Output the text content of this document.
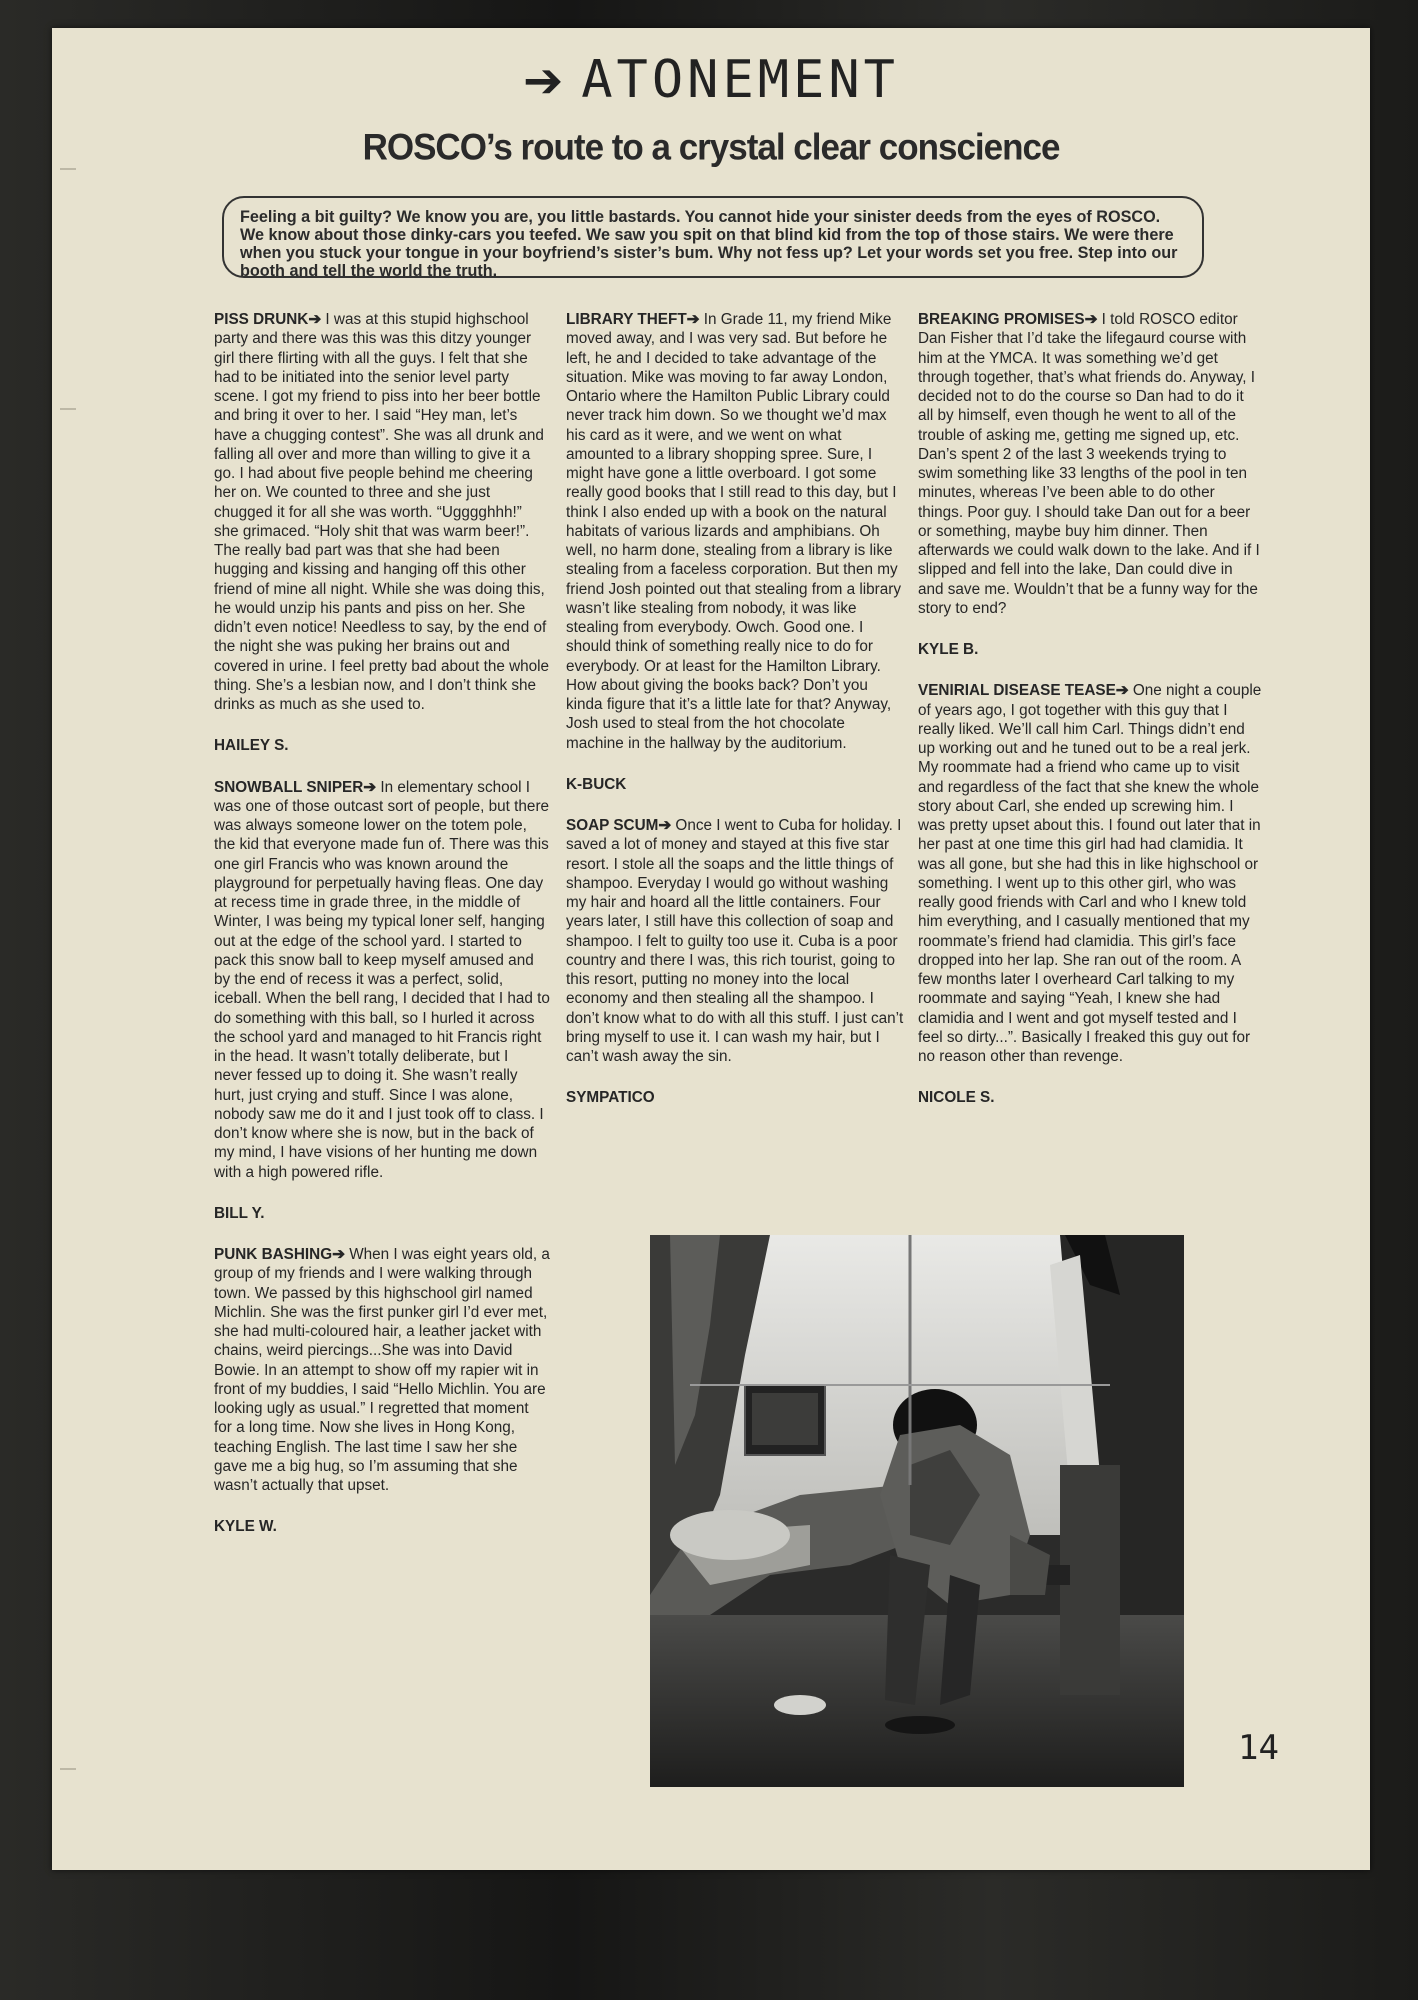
➔ ATONEMENT
ROSCO’s route to a crystal clear conscience
Feeling a bit guilty? We know you are, you little bastards. You cannot hide your sinister deeds from the eyes of ROSCO. We know about those dinky-cars you teefed. We saw you spit on that blind kid from the top of those stairs. We were there when you stuck your tongue in your boyfriend’s sister’s bum. Why not fess up? Let your words set you free. Step into our booth and tell the world the truth.

PISS DRUNK➔ I was at this stupid highschool party and there was this was this ditzy younger girl there flirting with all the guys. I felt that she had to be initiated into the senior level party scene. I got my friend to piss into her beer bottle and bring it over to her. I said “Hey man, let’s have a chugging contest”. She was all drunk and falling all over and more than willing to give it a go. I had about five people behind me cheering her on. We counted to three and she just chugged it for all she was worth. “Ugggghhh!” she grimaced. “Holy shit that was warm beer!”. The really bad part was that she had been hugging and kissing and hanging off this other friend of mine all night. While she was doing this, he would unzip his pants and piss on her. She didn’t even notice! Needless to say, by the end of the night she was puking her brains out and covered in urine. I feel pretty bad about the whole thing. She’s a lesbian now, and I don’t think she drinks as much as she used to.

HAILEY S.

SNOWBALL SNIPER➔ In elementary school I was one of those outcast sort of people, but there was always someone lower on the totem pole, the kid that everyone made fun of. There was this one girl Francis who was known around the playground for perpetually having fleas. One day at recess time in grade three, in the middle of Winter, I was being my typical loner self, hanging out at the edge of the school yard. I started to pack this snow ball to keep myself amused and by the end of recess it was a perfect, solid, iceball. When the bell rang, I decided that I had to do something with this ball, so I hurled it across the school yard and managed to hit Francis right in the head. It wasn’t totally deliberate, but I never fessed up to doing it. She wasn’t really hurt, just crying and stuff. Since I was alone, nobody saw me do it and I just took off to class. I don’t know where she is now, but in the back of my mind, I have visions of her hunting me down with a high powered rifle.

BILL Y.

PUNK BASHING➔ When I was eight years old, a group of my friends and I were walking through town. We passed by this highschool girl named Michlin. She was the first punker girl I’d ever met, she had multi-coloured hair, a leather jacket with chains, weird piercings...She was into David Bowie. In an attempt to show off my rapier wit in front of my buddies, I said “Hello Michlin. You are looking ugly as usual.” I regretted that moment for a long time. Now she lives in Hong Kong, teaching English. The last time I saw her she gave me a big hug, so I’m assuming that she wasn’t actually that upset.

KYLE W.

LIBRARY THEFT➔ In Grade 11, my friend Mike moved away, and I was very sad. But before he left, he and I decided to take advantage of the situation. Mike was moving to far away London, Ontario where the Hamilton Public Library could never track him down. So we thought we’d max his card as it were, and we went on what amounted to a library shopping spree. Sure, I might have gone a little overboard. I got some really good books that I still read to this day, but I think I also ended up with a book on the natural habitats of various lizards and amphibians. Oh well, no harm done, stealing from a library is like stealing from a faceless corporation. But then my friend Josh pointed out that stealing from a library wasn’t like stealing from nobody, it was like stealing from everybody. Owch. Good one. I should think of something really nice to do for everybody. Or at least for the Hamilton Library. How about giving the books back? Don’t you kinda figure that it’s a little late for that? Anyway, Josh used to steal from the hot chocolate machine in the hallway by the auditorium.

K-BUCK

SOAP SCUM➔ Once I went to Cuba for holiday. I saved a lot of money and stayed at this five star resort. I stole all the soaps and the little things of shampoo. Everyday I would go without washing my hair and hoard all the little containers. Four years later, I still have this collection of soap and shampoo. I felt to guilty too use it. Cuba is a poor country and there I was, this rich tourist, going to this resort, putting no money into the local economy and then stealing all the shampoo. I don’t know what to do with all this stuff. I just can’t bring myself to use it. I can wash my hair, but I can’t wash away the sin.

SYMPATICO

BREAKING PROMISES➔ I told ROSCO editor Dan Fisher that I’d take the lifegaurd course with him at the YMCA. It was something we’d get through together, that’s what friends do. Anyway, I decided not to do the course so Dan had to do it all by himself, even though he went to all of the trouble of asking me, getting me signed up, etc. Dan’s spent 2 of the last 3 weekends trying to swim something like 33 lengths of the pool in ten minutes, whereas I’ve been able to do other things. Poor guy. I should take Dan out for a beer or something, maybe buy him dinner. Then afterwards we could walk down to the lake. And if I slipped and fell into the lake, Dan could dive in and save me. Wouldn’t that be a funny way for the story to end?

KYLE B.

VENIRIAL DISEASE TEASE➔ One night a couple of years ago, I got together with this guy that I really liked. We’ll call him Carl. Things didn’t end up working out and he tuned out to be a real jerk. My roommate had a friend who came up to visit and regardless of the fact that she knew the whole story about Carl, she ended up screwing him. I was pretty upset about this. I found out later that in her past at one time this girl had had clamidia. It was all gone, but she had this in like highschool or something. I went up to this other girl, who was really good friends with Carl and who I knew told him everything, and I casually mentioned that my roommate’s friend had clamidia. This girl’s face dropped into her lap. She ran out of the room. A few months later I overheard Carl talking to my roommate and saying “Yeah, I knew she had clamidia and I went and got myself tested and I feel so dirty...”. Basically I freaked this guy out for no reason other than revenge.

NICOLE S.

14
